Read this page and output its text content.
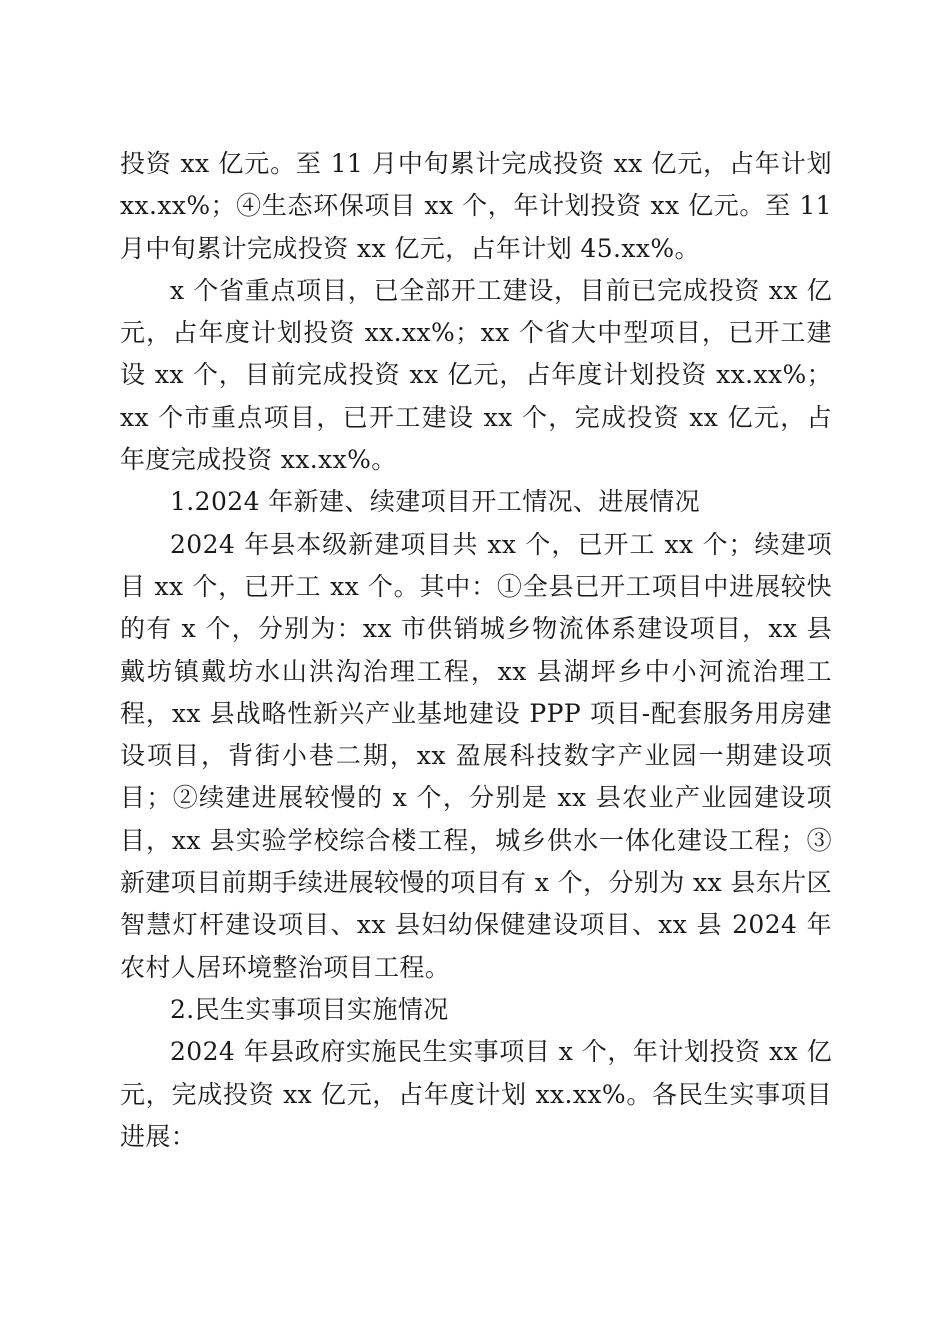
投资 xx 亿元。至 11 月中旬累计完成投资 xx 亿元，占年计划 xx.xx%；④生态环保项目 xx 个，年计划投资 xx 亿元。至 11 月中旬累计完成投资 xx 亿元，占年计划 45.xx%。

x 个省重点项目，已全部开工建设，目前已完成投资 xx 亿元，占年度计划投资 xx.xx%；xx 个省大中型项目，已开工建设 xx 个，目前完成投资 xx 亿元，占年度计划投资 xx.xx%；xx 个市重点项目，已开工建设 xx 个，完成投资 xx 亿元，占年度完成投资 xx.xx%。

1.2024 年新建、续建项目开工情况、进展情况

2024 年县本级新建项目共 xx 个，已开工 xx 个；续建项目 xx 个，已开工 xx 个。其中：①全县已开工项目中进展较快的有 x 个，分别为：xx 市供销城乡物流体系建设项目，xx 县戴坊镇戴坊水山洪沟治理工程，xx 县湖坪乡中小河流治理工程，xx 县战略性新兴产业基地建设 PPP 项目-配套服务用房建设项目，背街小巷二期，xx 盈展科技数字产业园一期建设项目；②续建进展较慢的 x 个，分别是 xx 县农业产业园建设项目，xx 县实验学校综合楼工程，城乡供水一体化建设工程；③新建项目前期手续进展较慢的项目有 x 个，分别为 xx 县东片区智慧灯杆建设项目、xx 县妇幼保健建设项目、xx 县 2024 年农村人居环境整治项目工程。

2.民生实事项目实施情况

2024 年县政府实施民生实事项目 x 个，年计划投资 xx 亿元，完成投资 xx 亿元，占年度计划 xx.xx%。各民生实事项目进展：
